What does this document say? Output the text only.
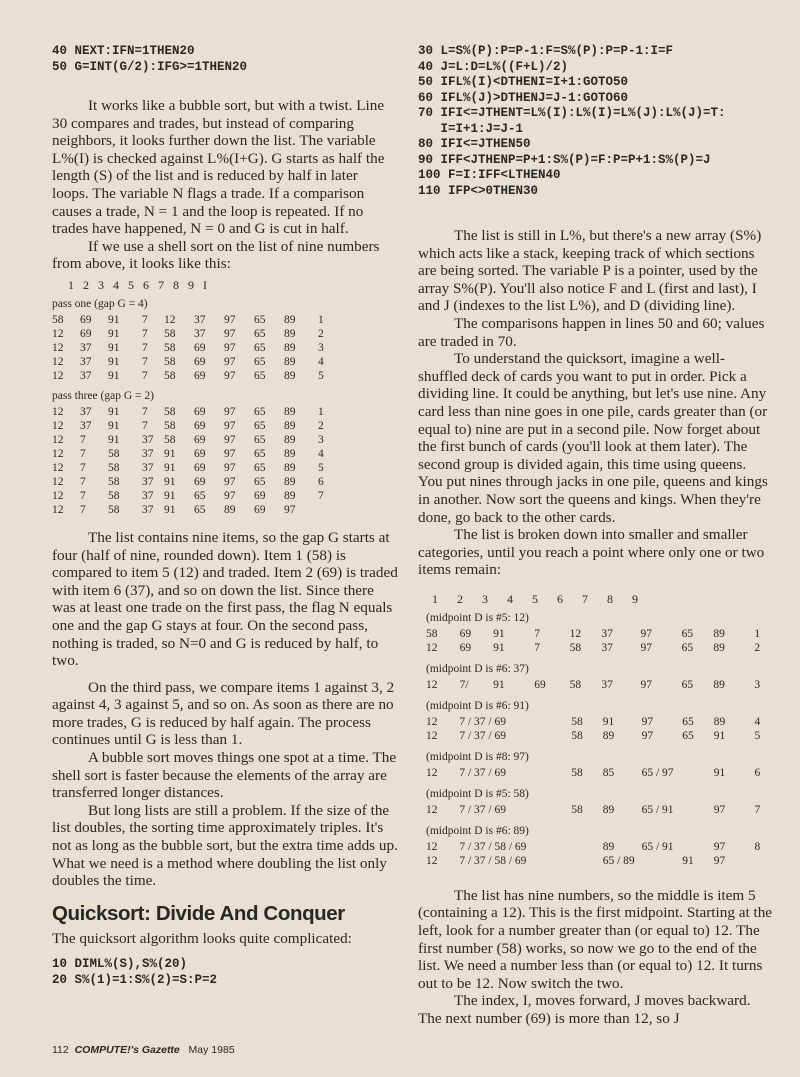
40 NEXT:IFN=1THEN20
50 G=INT(G/2):IFG>=1THEN20

It works like a bubble sort, but with a twist. Line 30 compares and trades, but instead of comparing neighbors, it looks further down the list. The variable L%(I) is checked against L%(I+G). G starts as half the length (S) of the list and is reduced by half in later loops. The variable N flags a trade. If a comparison causes a trade, N = 1 and the loop is repeated. If no trades have happened, N = 0 and G is cut in half.

If we use a shell sort on the list of nine numbers from above, it looks like this:

1 2 3 4 5 6 7 8 9 I
pass one (gap G = 4)
58	69	91	7	12	37	97	65	89	1
12	69	91	7	58	37	97	65	89	2
12	37	91	7	58	69	97	65	89	3
12	37	91	7	58	69	97	65	89	4
12	37	91	7	58	69	97	65	89	5
pass three (gap G = 2)
12	37	91	7	58	69	97	65	89	1
12	37	91	7	58	69	97	65	89	2
12	7	91	37 58	69	97	65	89	3
12	7	58	37 91	69	97	65	89	4
12	7	58	37 91	69	97	65	89	5
12	7	58	37 91	69	97	65	89	6
12	7	58	37 91	65	97	69	89	7
12	7	58	37 91	65	89	69	97

The list contains nine items, so the gap G starts at four (half of nine, rounded down). Item 1 (58) is compared to item 5 (12) and traded. Item 2 (69) is traded with item 6 (37), and so on down the list. Since there was at least one trade on the first pass, the flag N equals one and the gap G stays at four. On the second pass, nothing is traded, so N=0 and G is reduced by half, to two.

On the third pass, we compare items 1 against 3, 2 against 4, 3 against 5, and so on. As soon as there are no more trades, G is reduced by half again. The process continues until G is less than 1.

A bubble sort moves things one spot at a time. The shell sort is faster because the elements of the array are transferred longer distances.

But long lists are still a problem. If the size of the list doubles, the sorting time approximately triples. It's not as long as the bubble sort, but the extra time adds up. What we need is a method where doubling the list only doubles the time.

Quicksort: Divide And Conquer

The quicksort algorithm looks quite complicated:

10 DIML%(S),S%(20)
20 S%(1)=1:S%(2)=S:P=2
30 L=S%(P):P=P-1:F=S%(P):P=P-1:I=F
40 J=L:D=L%((F+L)/2)
50 IFL%(I)<DTHENI=I+1:GOTO50
60 IFL%(J)>DTHENJ=J-1:GOTO60
70 IFI<=JTHENT=L%(I):L%(I)=L%(J):L%(J)=T:
I=I+1:J=J-1
80 IFI<=JTHEN50
90 IFF<JTHENP=P+1:S%(P)=F:P=P+1:S%(P)=J
100 F=I:IFF<LTHEN40
110 IFP<>0THEN30

The list is still in L%, but there's a new array (S%) which acts like a stack, keeping track of which sections are being sorted. The variable P is a pointer, used by the array S%(P). You'll also notice F and L (first and last), I and J (indexes to the list L%), and D (dividing line).

The comparisons happen in lines 50 and 60; values are traded in 70.

To understand the quicksort, imagine a well-shuffled deck of cards you want to put in order. Pick a dividing line. It could be anything, but let's use nine. Any card less than nine goes in one pile, cards greater than (or equal to) nine are put in a second pile. Now forget about the first bunch of cards (you'll look at them later). The second group is divided again, this time using queens. You put nines through jacks in one pile, queens and kings in another. Now sort the queens and kings. When they're done, go back to the other cards.

The list is broken down into smaller and smaller categories, until you reach a point where only one or two items remain:

1 2 3 4 5 6 7 8 9
(midpoint D is #5: 12)
58	69	91	7	12	37	97	65	89	1
12	69	91	7	58	37	97	65	89	2
(midpoint D is #6: 37)
12	7/	91	69	58	37	97	65	89	3
(midpoint D is #6: 91)
12	7 / 37 / 69	58	91	97	65	89	4
12	7 / 37 / 69	58	89	97	65	91	5
(midpoint D is #8: 97)
12	7 / 37 / 69	58	85	65 / 97	91	6
(midpoint D is #5: 58)
12	7 / 37 / 69	58	89	65 / 91	97	7
(midpoint D is #6: 89)
12	7 / 37 / 58 / 69	89	65 / 91	97	8
12	7 / 37 / 58 / 69	65 / 89	91	97

The list has nine numbers, so the middle is item 5 (containing a 12). This is the first midpoint. Starting at the left, look for a number greater than (or equal to) 12. The first number (58) works, so now we go to the end of the list. We need a number less than (or equal to) 12. It turns out to be 12. Now switch the two.

The index, I, moves forward, J moves backward. The next number (69) is more than 12, so J

112 COMPUTE!'s Gazette May 1985
